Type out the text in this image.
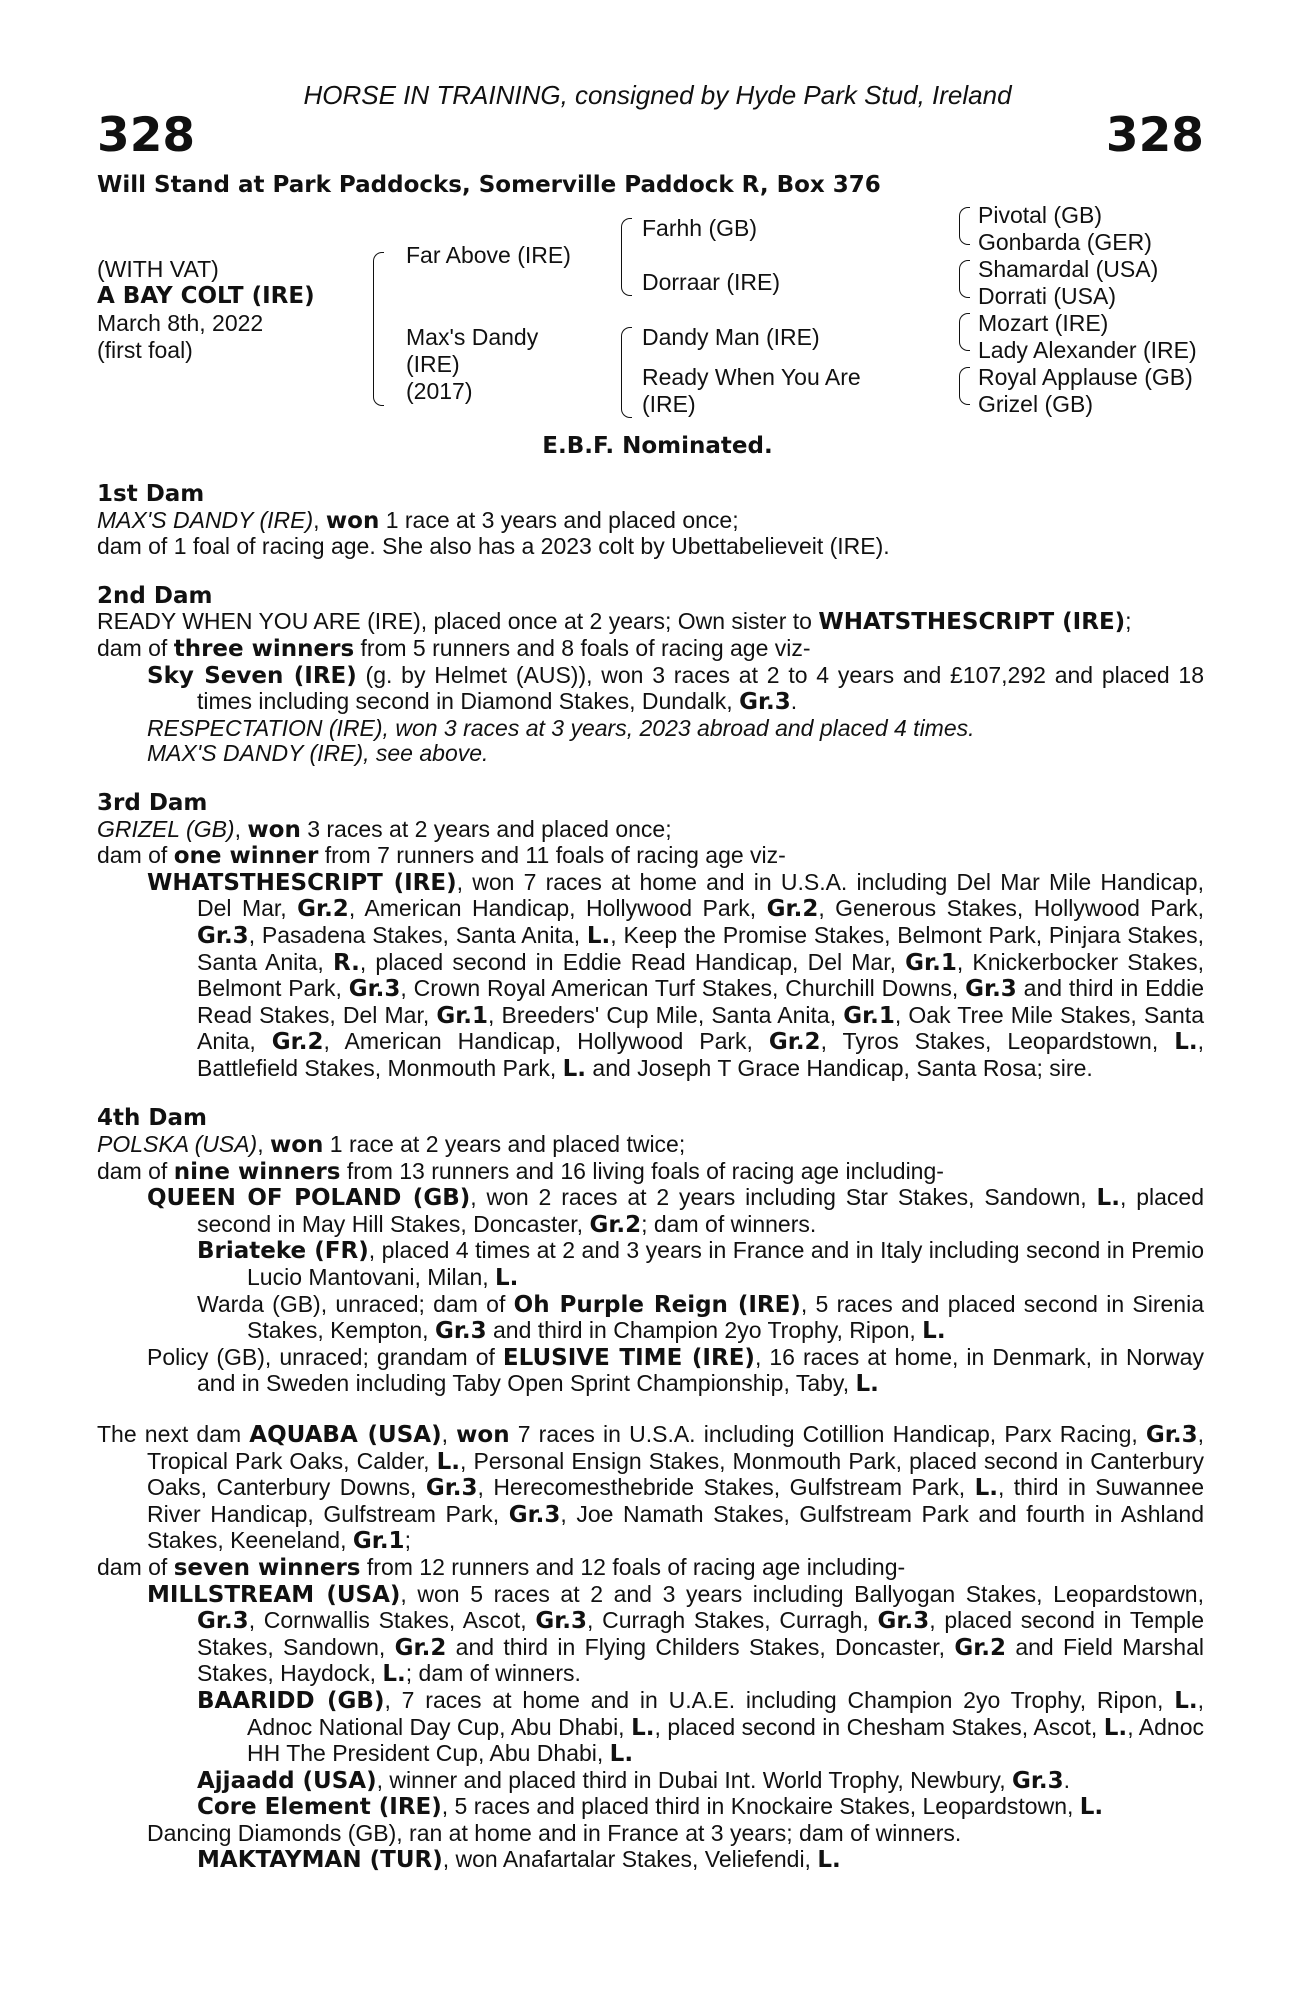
HORSE IN TRAINING, consigned by Hyde Park Stud, Ireland
328	328
Will Stand at Park Paddocks, Somerville Paddock R, Box 376
(WITH VAT)
A BAY COLT (IRE)
March 8th, 2022
(first foal)
Far Above (IRE)
Max's Dandy
(IRE)
(2017)
Farhh (GB)
Dorraar (IRE)
Dandy Man (IRE)
Ready When You Are
(IRE)
Pivotal (GB)
Gonbarda (GER)
Shamardal (USA)
Dorrati (USA)
Mozart (IRE)
Lady Alexander (IRE)
Royal Applause (GB)
Grizel (GB)
E.B.F. Nominated.

1st Dam

MAX'S DANDY (IRE), won 1 race at 3 years and placed once;

dam of 1 foal of racing age. She also has a 2023 colt by Ubettabelieveit (IRE).

2nd Dam

READY WHEN YOU ARE (IRE), placed once at 2 years; Own sister to WHATSTHESCRIPT (IRE);

dam of three winners from 5 runners and 8 foals of racing age viz-

Sky Seven (IRE) (g. by Helmet (AUS)), won 3 races at 2 to 4 years and £107,292 and placed 18 times including second in Diamond Stakes, Dundalk, Gr.3.

RESPECTATION (IRE), won 3 races at 3 years, 2023 abroad and placed 4 times.

MAX'S DANDY (IRE), see above.

3rd Dam

GRIZEL (GB), won 3 races at 2 years and placed once;

dam of one winner from 7 runners and 11 foals of racing age viz-

WHATSTHESCRIPT (IRE), won 7 races at home and in U.S.A. including Del Mar Mile Handicap, Del Mar, Gr.2, American Handicap, Hollywood Park, Gr.2, Generous Stakes, Hollywood Park, Gr.3, Pasadena Stakes, Santa Anita, L., Keep the Promise Stakes, Belmont Park, Pinjara Stakes, Santa Anita, R., placed second in Eddie Read Handicap, Del Mar, Gr.1, Knickerbocker Stakes, Belmont Park, Gr.3, Crown Royal American Turf Stakes, Churchill Downs, Gr.3 and third in Eddie Read Stakes, Del Mar, Gr.1, Breeders' Cup Mile, Santa Anita, Gr.1, Oak Tree Mile Stakes, Santa Anita, Gr.2, American Handicap, Hollywood Park, Gr.2, Tyros Stakes, Leopardstown, L., Battlefield Stakes, Monmouth Park, L. and Joseph T Grace Handicap, Santa Rosa; sire.

4th Dam

POLSKA (USA), won 1 race at 2 years and placed twice;

dam of nine winners from 13 runners and 16 living foals of racing age including-

QUEEN OF POLAND (GB), won 2 races at 2 years including Star Stakes, Sandown, L., placed second in May Hill Stakes, Doncaster, Gr.2; dam of winners.

Briateke (FR), placed 4 times at 2 and 3 years in France and in Italy including second in Premio Lucio Mantovani, Milan, L.

Warda (GB), unraced; dam of Oh Purple Reign (IRE), 5 races and placed second in Sirenia Stakes, Kempton, Gr.3 and third in Champion 2yo Trophy, Ripon, L.

Policy (GB), unraced; grandam of ELUSIVE TIME (IRE), 16 races at home, in Denmark, in Norway and in Sweden including Taby Open Sprint Championship, Taby, L.

The next dam AQUABA (USA), won 7 races in U.S.A. including Cotillion Handicap, Parx Racing, Gr.3, Tropical Park Oaks, Calder, L., Personal Ensign Stakes, Monmouth Park, placed second in Canterbury Oaks, Canterbury Downs, Gr.3, Herecomesthebride Stakes, Gulfstream Park, L., third in Suwannee River Handicap, Gulfstream Park, Gr.3, Joe Namath Stakes, Gulfstream Park and fourth in Ashland Stakes, Keeneland, Gr.1;

dam of seven winners from 12 runners and 12 foals of racing age including-

MILLSTREAM (USA), won 5 races at 2 and 3 years including Ballyogan Stakes, Leopardstown, Gr.3, Cornwallis Stakes, Ascot, Gr.3, Curragh Stakes, Curragh, Gr.3, placed second in Temple Stakes, Sandown, Gr.2 and third in Flying Childers Stakes, Doncaster, Gr.2 and Field Marshal Stakes, Haydock, L.; dam of winners.

BAARIDD (GB), 7 races at home and in U.A.E. including Champion 2yo Trophy, Ripon, L., Adnoc National Day Cup, Abu Dhabi, L., placed second in Chesham Stakes, Ascot, L., Adnoc HH The President Cup, Abu Dhabi, L.

Ajjaadd (USA), winner and placed third in Dubai Int. World Trophy, Newbury, Gr.3.

Core Element (IRE), 5 races and placed third in Knockaire Stakes, Leopardstown, L.

Dancing Diamonds (GB), ran at home and in France at 3 years; dam of winners.

MAKTAYMAN (TUR), won Anafartalar Stakes, Veliefendi, L.
